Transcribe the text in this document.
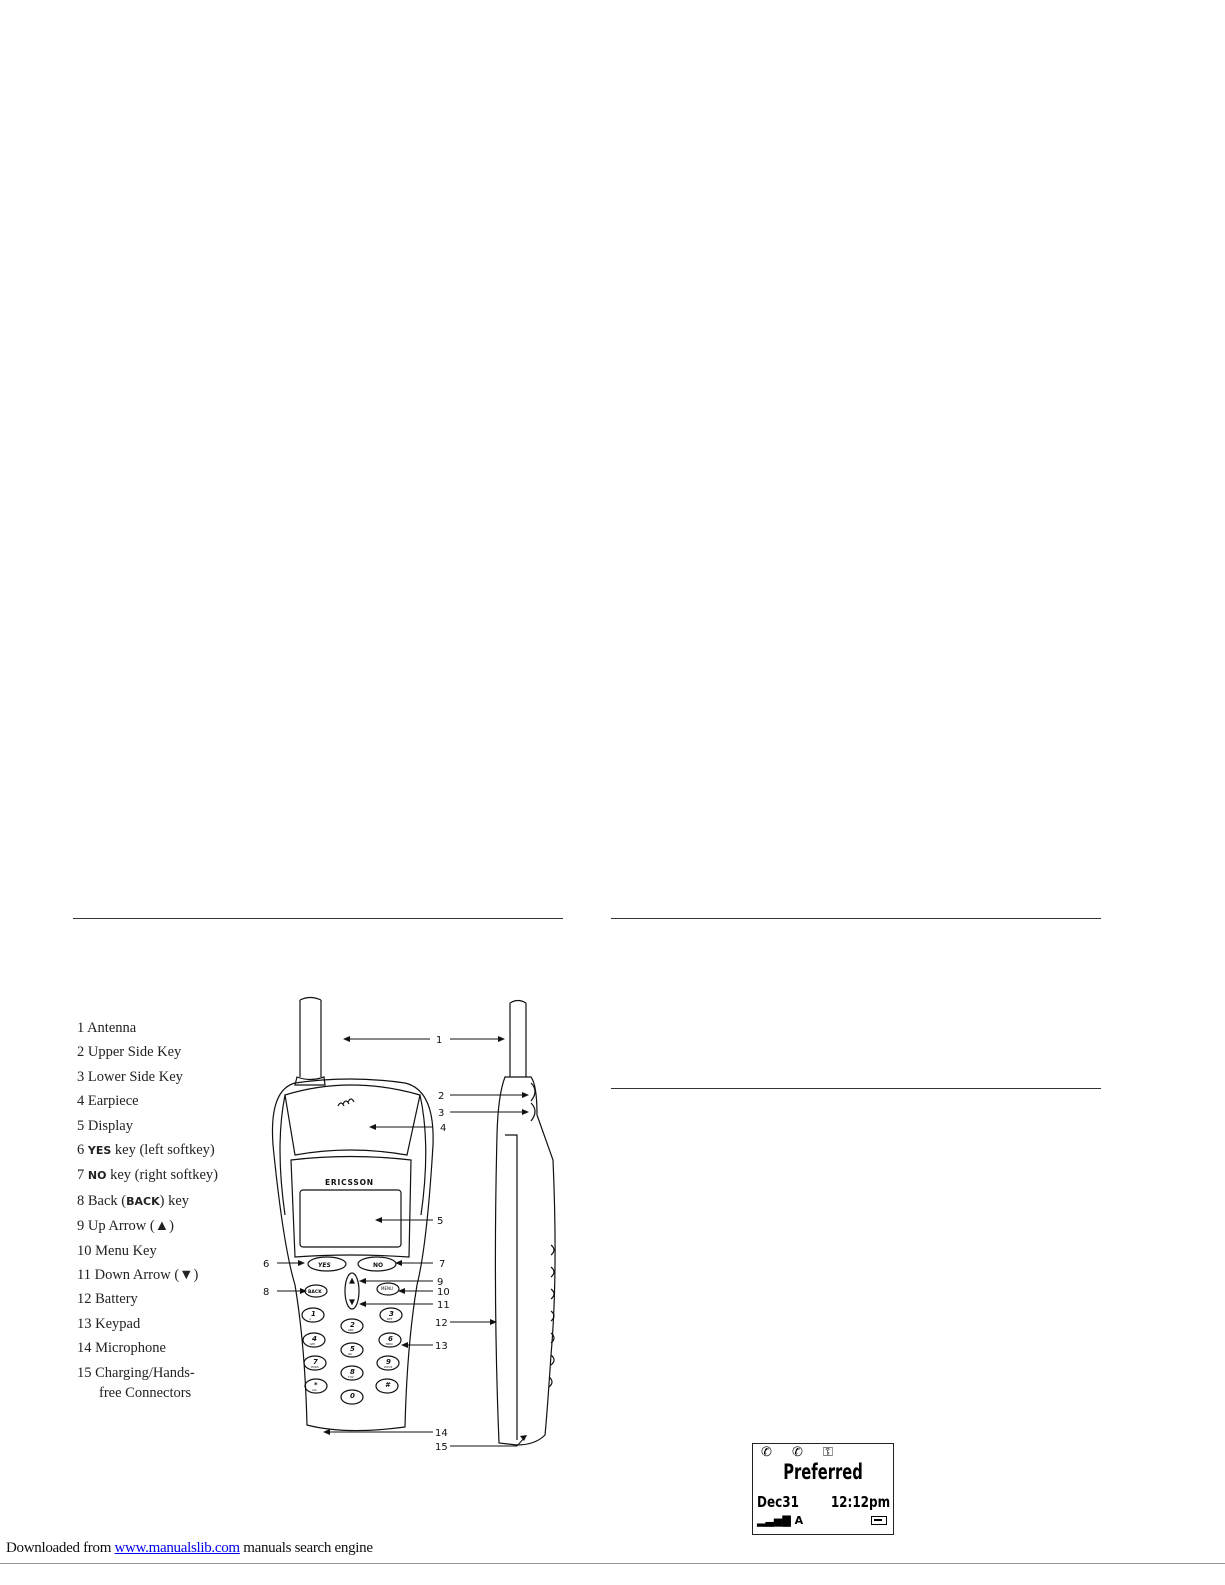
1 Antenna
2 Upper Side Key
3 Lower Side Key
4 Earpiece
5 Display
6 YES key (left softkey)
7 NO key (right softkey)
8 Back (BACK) key
9 Up Arrow (▲)
10 Menu Key
11 Down Arrow (▼)
12 Battery
13 Keypad
14 Microphone
15 Charging/Hands-
free Connectors
ERICSSON
YES	NO
BACK
MENU
1
∞
2
ABC
3
DEF
4
GHI
5
JKL
6
MNO
7
PQRS
8
TUV
9
WXYZ
*
a/A
0
#
1
2
3
4
5
6	7
8
9
10
11
12
13
14
15	✆ ✆ ⚿
Preferred
Dec31 12:12pm
▂▃▅▇ A
Downloaded from www.manualslib.com manuals search engine
